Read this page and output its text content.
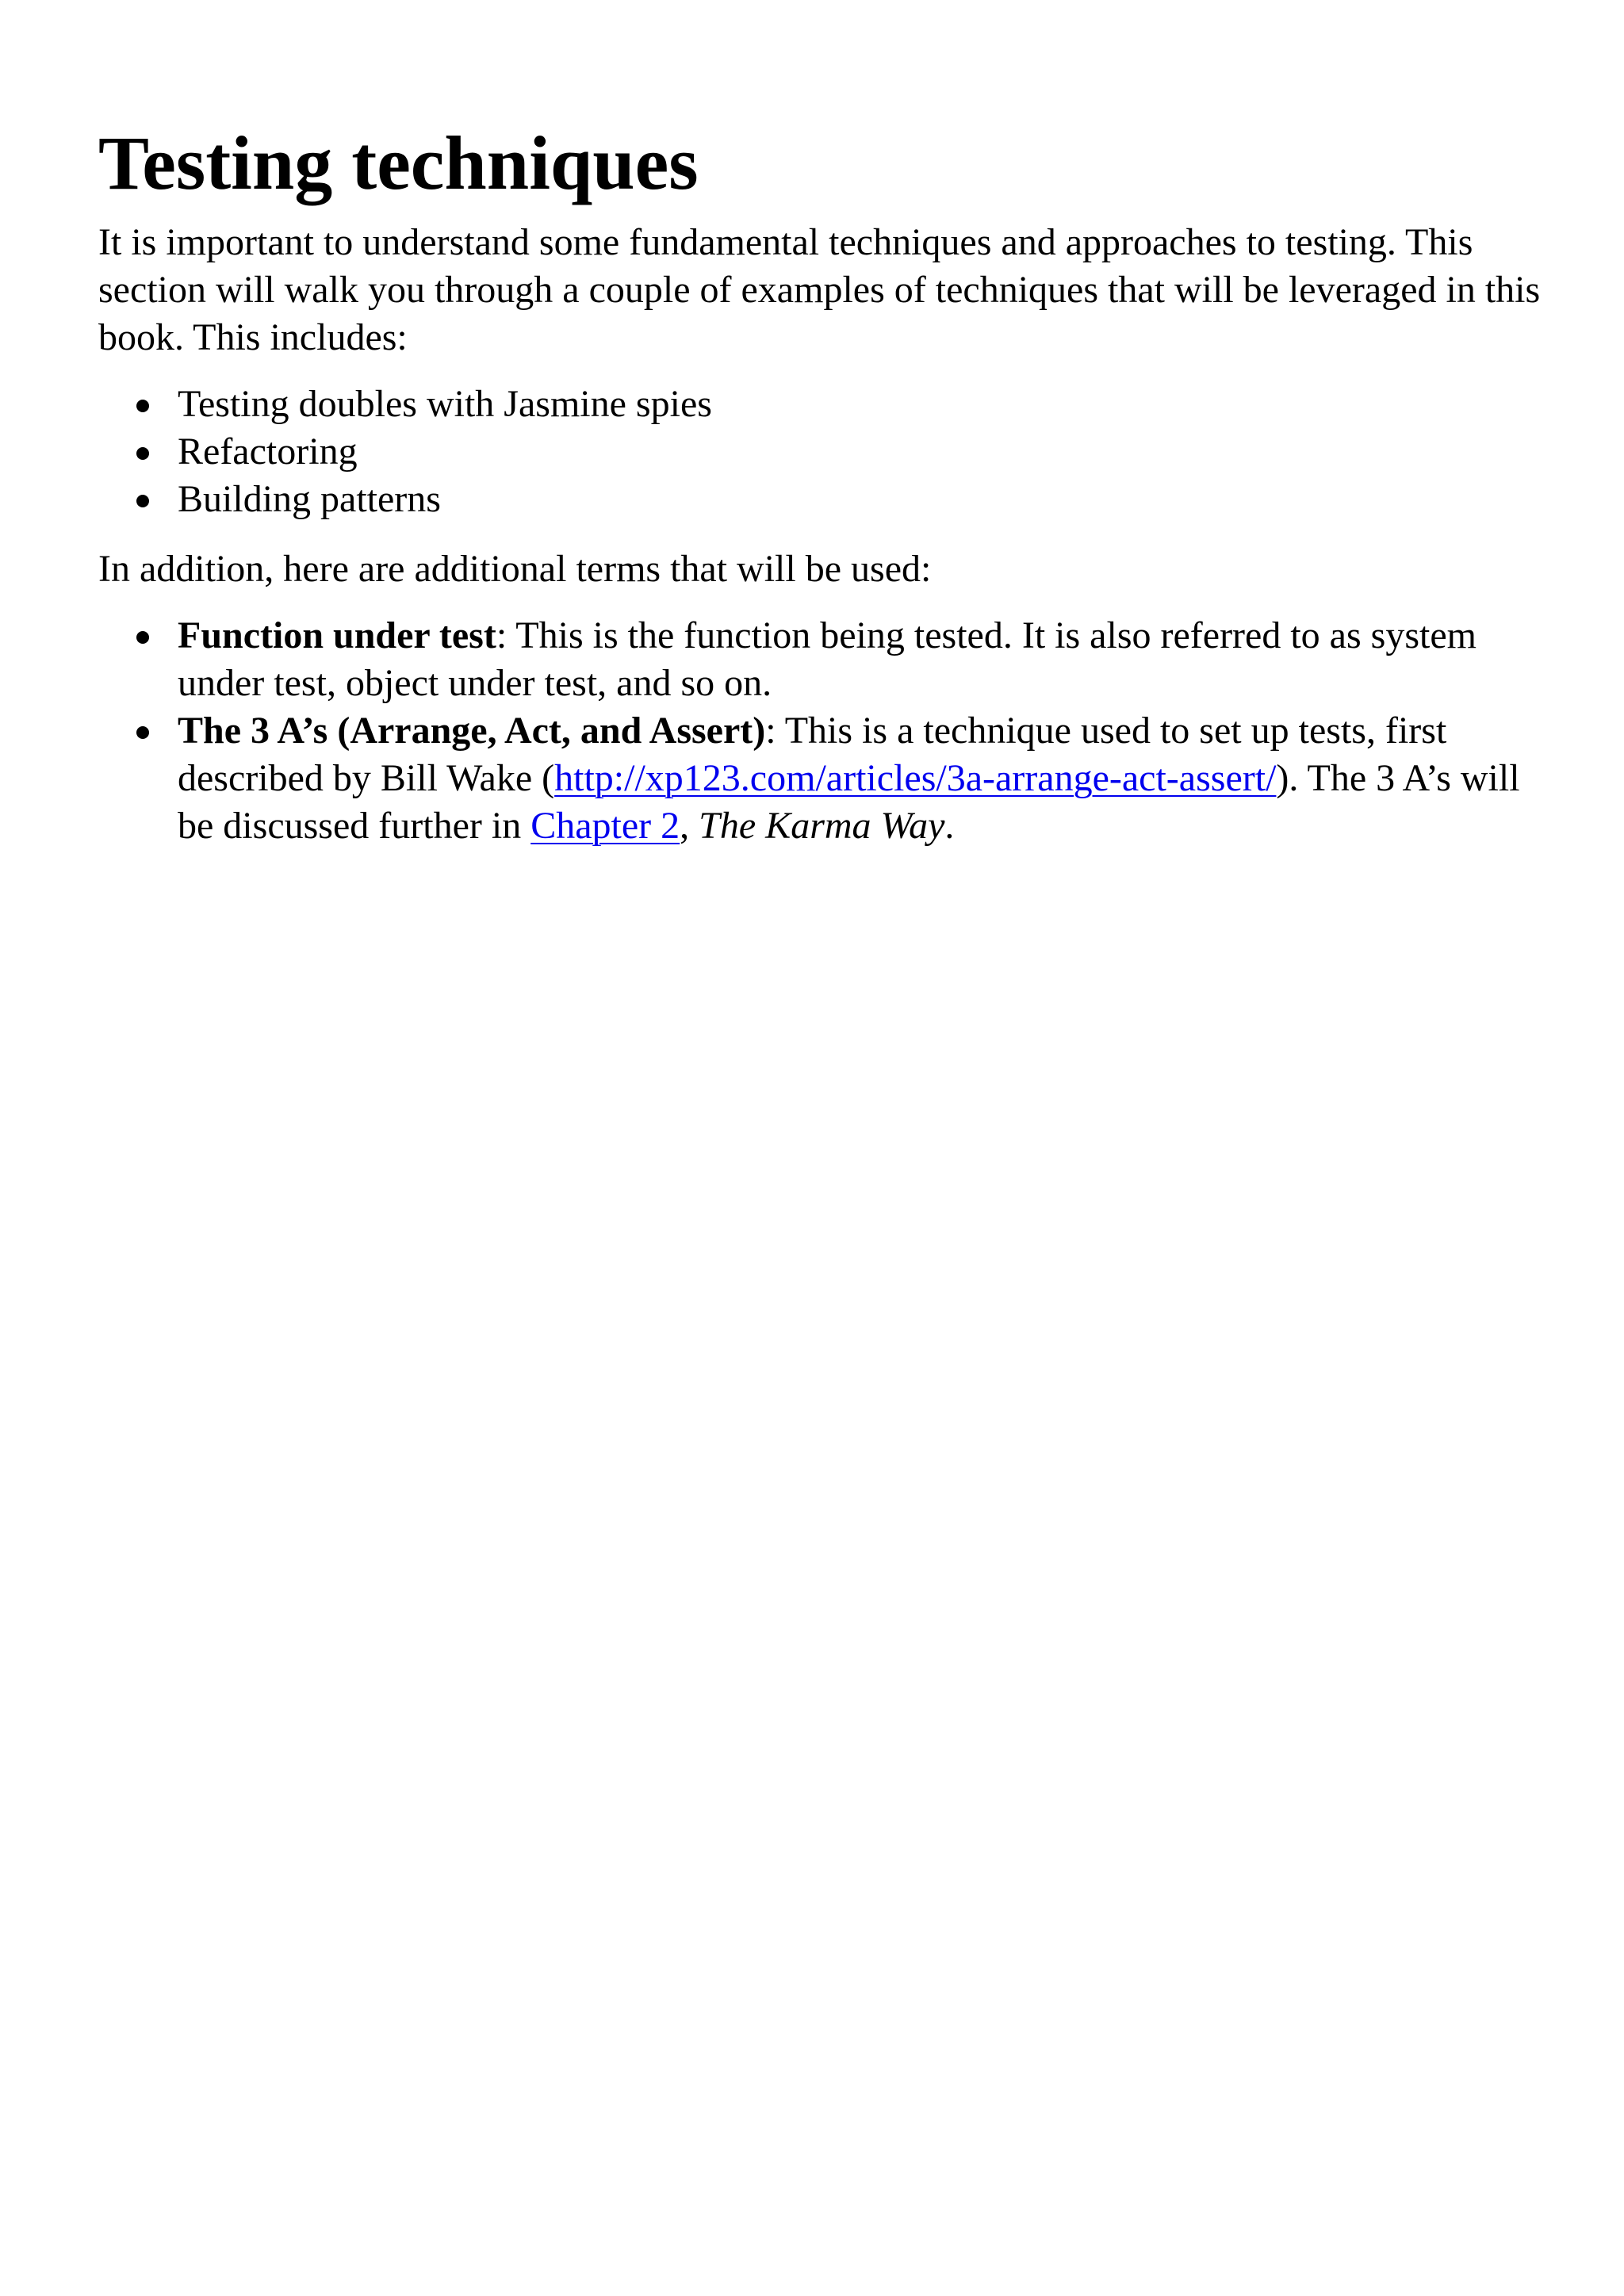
Testing techniques

It is important to understand some fundamental techniques and approaches to testing. This section will walk you through a couple of examples of techniques that will be leveraged in this book. This includes:

Testing doubles with Jasmine spies
Refactoring
Building patterns

In addition, here are additional terms that will be used:

Function under test: This is the function being tested. It is also referred to as system under test, object under test, and so on.
The 3 A’s (Arrange, Act, and Assert): This is a technique used to set up tests, first described by Bill Wake (http://xp123.com/articles/3a-arrange-act-assert/). The 3 A’s will be discussed further in Chapter 2, The Karma Way.
